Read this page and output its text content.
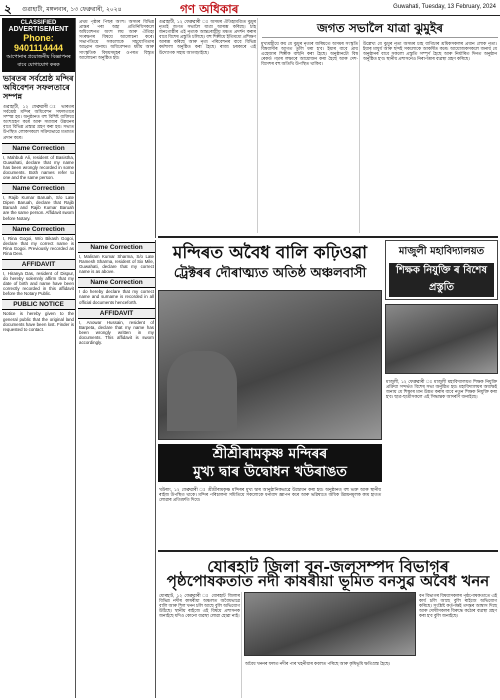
২ গুৱাহাটী, মঙ্গলবাৰ, ১৩ ফেব্ৰুৱাৰী, ২০২৪	গণ অধিকাৰ	Guwahati, Tuesday, 13 February, 2024
CLASSIFIED
ADVERTISEMENT
Phone: 9401114444
আপোনাৰ প্ৰয়োজনীয় বিজ্ঞাপনৰ বাবে যোগাযোগ কৰক
ভাৰতৰ সৰ্বশ্ৰেষ্ঠ মন্দিৰ অধিবেশন সফলতাৰে সম্পন্ন
গুৱাহাটী, ১২ ফেব্ৰুৱাৰী ঃ ভাৰতৰ সৰ্বশ্ৰেষ্ঠ মন্দিৰ অধিবেশন সফলতাৰে সম্পন্ন হয়। অনুষ্ঠানত বহু বিশিষ্ট ব্যক্তিয়ে অংশগ্ৰহণ কৰে আৰু সমাজৰ উন্নয়নৰ বাবে বিভিন্ন প্ৰস্তাৱ গ্ৰহণ কৰা হয়। সভাত উপস্থিত লোকসকলে সক্ৰিয়ভাৱে মতামত প্ৰদান কৰে।
Name Correction
I, Mahbub Ali, resident of Basistha, Guwahati, declare that my name has been wrongly recorded in some documents. Both names refer to one and the same person.
Name Correction
I, Rajib Kumar Baruah, S/o Late Dipen Baruah, declare that Rajib Baruah and Rajib Kumar Baruah are the same person. Affidavit sworn before Notary.
Name Correction
I, Rina Gogoi, W/o Bikash Gogoi, declare that my correct name is Rina Gogoi. Previously recorded as Rina Devi.
AFFIDAVIT
I, Hiranya Das, resident of Dispur, do hereby solemnly affirm that my date of birth and name have been correctly recorded in this affidavit before the Notary Public.
PUBLIC NOTICE
Notice is hereby given to the general public that the original land documents have been lost. Finder is requested to contact.
প্ৰথম পৃষ্ঠাৰ পিছৰ অংশ। অসমৰ বিভিন্ন প্ৰান্তৰ পৰা অহা প্ৰতিনিধিসকলে অধিবেশনত অংশ লয় আৰু ঐতিহ্য সংৰক্ষণৰ বিষয়ে আলোচনা কৰে। সভাপতিয়ে সকলোকে সহযোগিতাৰ আহ্বান জনায়। অধিবেশনত ধৰ্মীয় আৰু সাংস্কৃতিক বিষয়সমূহৰ ওপৰত বিস্তৃত আলোচনা অনুষ্ঠিত হয়।
Name Correction
I, Maliram Kumar Sharma, S/o Late Ramesh Sharma, resident of Six Mile, Guwahati, declare that my correct name is as above.
Name Correction
I do hereby declare that my correct name and surname is recorded in all official documents henceforth.
AFFIDAVIT
I, Anowar Hussain, resident of Barpeta, declare that my name has been wrongly written in my documents. This affidavit is sworn accordingly.
জগত সভালৈ যাত্ৰা ঝুমুইৰ
গুৱাহাটী, ১২ ফেব্ৰুৱাৰী ঃ অসমৰ ঐতিহ্যমণ্ডিত ঝুমুৰ নৃত্যই জগত সভালৈ যাত্ৰা আৰম্ভ কৰিছে। চাহ জনগোষ্ঠীৰ এই নৃত্যক আন্তঃৰাষ্ট্ৰীয় মঞ্চত প্ৰদৰ্শন কৰাৰ বাবে বিশেষ প্ৰস্তুতি চলিছে। বহু শিল্পীয়ে ইতিমধ্যে প্ৰশিক্ষণ আৰম্ভ কৰিছে আৰু নৃত্য পৰিবেশনৰ বাবে বিভিন্ন কৰ্মশালা অনুষ্ঠিত কৰা হৈছে। ৰাজ্য চৰকাৰে এই উদ্যোগক সহায় আগবঢ়াইছে।
মুখ্যমন্ত্ৰীয়ে কয় যে ঝুমুৰ নৃত্যৰ জৰিয়তে অসমৰ সংস্কৃতি বিশ্ববাসীৰ আগত তুলি ধৰা হ'ব। ইয়াৰ বাবে প্ৰায় এহেজাৰ শিল্পীক বাছনি কৰা হৈছে। অনুষ্ঠানটো বিশ্ব ৰেকৰ্ড গঢ়াৰ লক্ষ্যৰে আয়োজন কৰা হৈছে আৰু দেশ-বিদেশৰ বহু অতিথি উপস্থিত থাকিব।
উল্লেখ্য যে ঝুমুৰ নৃত্য অসমৰ চাহ বাগিচাৰ শ্ৰমিকসকলৰ প্ৰধান লোক নৃত্য। ইয়াৰ মাধুৰ্য আৰু ছন্দই সকলোকে আকৰ্ষিত কৰে। আয়োজকসকলে জনায় যে অনুষ্ঠানৰ বাবে সকলো প্ৰস্তুতি সম্পূৰ্ণ হৈছে আৰু নিৰ্ধাৰিত দিনত অনুষ্ঠান অনুষ্ঠিত হ'ব। স্থানীয় প্ৰশাসনেও নিৰাপত্তাৰ ব্যৱস্থা গ্ৰহণ কৰিছে।
মন্দিৰত অবৈধ বালি কঢ়িওৱা
ট্ৰেক্টৰৰ দৌৰাত্ম্যত অতিষ্ঠ অঞ্চলবাসী
মাজুলী মহাবিদ্যালয়ত
শিক্ষক নিযুক্তি ৰ বিশেষ প্ৰস্তুতি
মাজুলী, ১২ ফেব্ৰুৱাৰী ঃ মাজুলী মহাবিদ্যালয়ত শিক্ষক নিযুক্তি প্ৰক্ৰিয়া সন্দৰ্ভত বিশেষ সভা অনুষ্ঠিত হয়। মহাবিদ্যালয়ৰ অধ্যক্ষই জনায় যে শিক্ষাৰ মান উন্নত কৰাৰ বাবে নতুন শিক্ষক নিযুক্তি কৰা হ'ব। ছাত্ৰ-ছাত্ৰীসকলে এই সিদ্ধান্তক আদৰণি জনাইছে।
শ্ৰীশ্ৰীৰামকৃষ্ণ মন্দিৰৰ
মুখ্য দ্বাৰ উদ্বোধন খউৰাঙত
খউৰাং, ১২ ফেব্ৰুৱাৰী ঃ শ্ৰীশ্ৰীৰামকৃষ্ণ মন্দিৰৰ মুখ্য দ্বাৰ আনুষ্ঠানিকভাৱে উদ্বোধন কৰা হয়। অনুষ্ঠানত বহু ভক্ত আৰু স্থানীয় ৰাইজ উপস্থিত থাকে। মন্দিৰ পৰিচালনা সমিতিয়ে সকলোকে ধন্যবাদ জ্ঞাপন কৰে আৰু ভৱিষ্যতে অধিক উন্নয়নমূলক কাম হাতত লোৱাৰ প্ৰতিশ্ৰুতি দিয়ে।
যোৰহাট জিলা বন-জলসম্পদ বিভাগৰ
পৃষ্ঠপোষকতাত নদী কাষৰীয়া ভূমিত বনসুৱ অবৈধ খনন
যোৰহাট, ১২ ফেব্ৰুৱাৰী ঃ যোৰহাট জিলাৰ বিভিন্ন নদীৰ কাষৰীয়া অঞ্চলত অবৈধভাৱে বালি আৰু শিল খনন চলি আছে বুলি অভিযোগ উঠিছে। স্থানীয় ৰাইজে এই বিষয়ে প্ৰশাসনক জনাইছে যদিও কোনো ব্যৱস্থা লোৱা হোৱা নাই।
অবৈধ খননৰ ফলত নদীৰ পাৰ খহনীয়াৰ কবলত পৰিছে আৰু কৃষিভূমি ক্ষতিগ্ৰস্ত হৈছে।
বন বিভাগৰ বিষয়াসকলৰ পৃষ্ঠপোষকতাতে এই কাৰ্য চলি আছে বুলি ৰাইজে অভিযোগ কৰিছে। সংশ্লিষ্ট কৰ্তৃপক্ষই তদন্তৰ আশ্বাস দিছে আৰু দোষীসকলৰ বিৰুদ্ধে কঠোৰ ব্যৱস্থা গ্ৰহণ কৰা হ'ব বুলি জনাইছে।
